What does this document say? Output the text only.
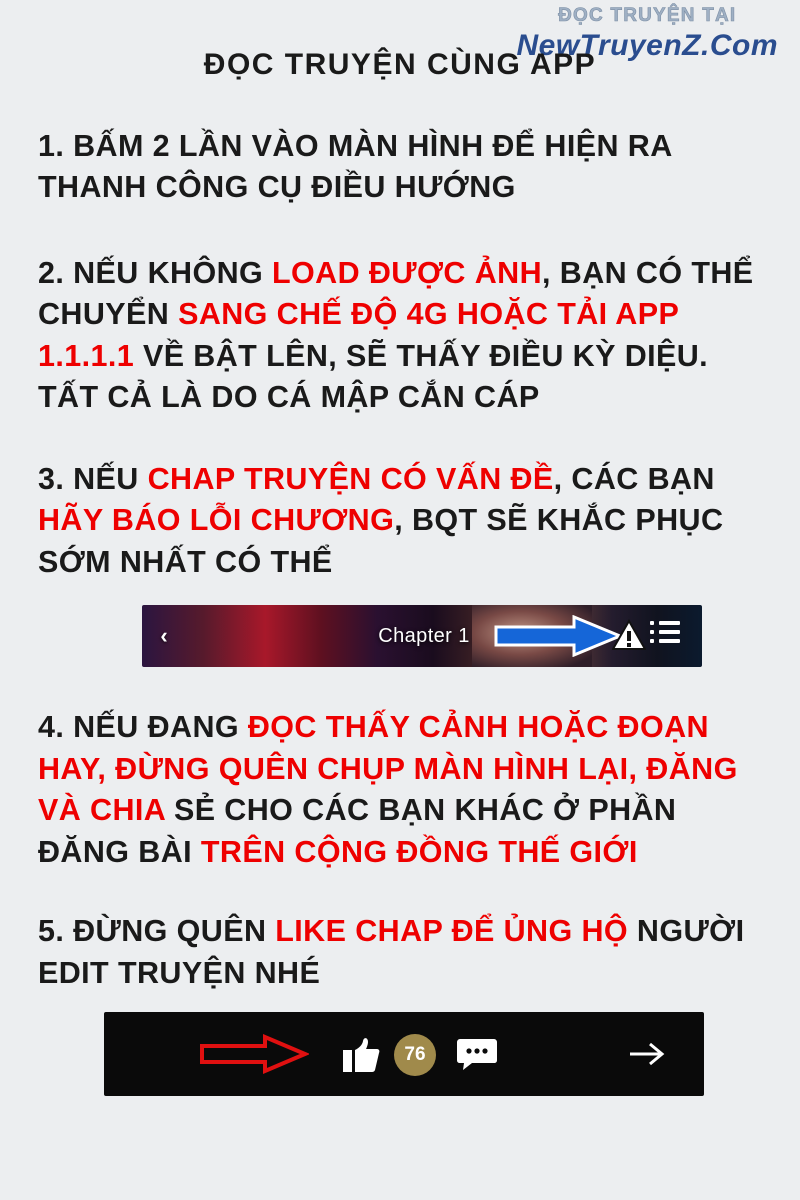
ĐỌC TRUYỆN TẠI
NewTruyenZ.Com
ĐỌC TRUYỆN CÙNG APP
1. BẤM 2 LẦN VÀO MÀN HÌNH ĐỂ HIỆN RA THANH CÔNG CỤ ĐIỀU HƯỚNG
2. NẾU KHÔNG LOAD ĐƯỢC ẢNH, BẠN CÓ THỂ CHUYỂN SANG CHẾ ĐỘ 4G HOẶC TẢI APP 1.1.1.1 VỀ BẬT LÊN, SẼ THẤY ĐIỀU KỲ DIỆU. TẤT CẢ LÀ DO CÁ MẬP CẮN CÁP
3. NẾU CHAP TRUYỆN CÓ VẤN ĐỀ, CÁC BẠN HÃY BÁO LỖI CHƯƠNG, BQT SẼ KHẮC PHỤC SỚM NHẤT CÓ THỂ
‹	Chapter 1
4. NẾU ĐANG ĐỌC THẤY CẢNH HOẶC ĐOẠN HAY, ĐỪNG QUÊN CHỤP MÀN HÌNH LẠI, ĐĂNG VÀ CHIA SẺ CHO CÁC BẠN KHÁC Ở PHẦN ĐĂNG BÀI TRÊN CỘNG ĐỒNG THẾ GIỚI
5. ĐỪNG QUÊN LIKE CHAP ĐỂ ỦNG HỘ NGƯỜI EDIT TRUYỆN NHÉ
76
